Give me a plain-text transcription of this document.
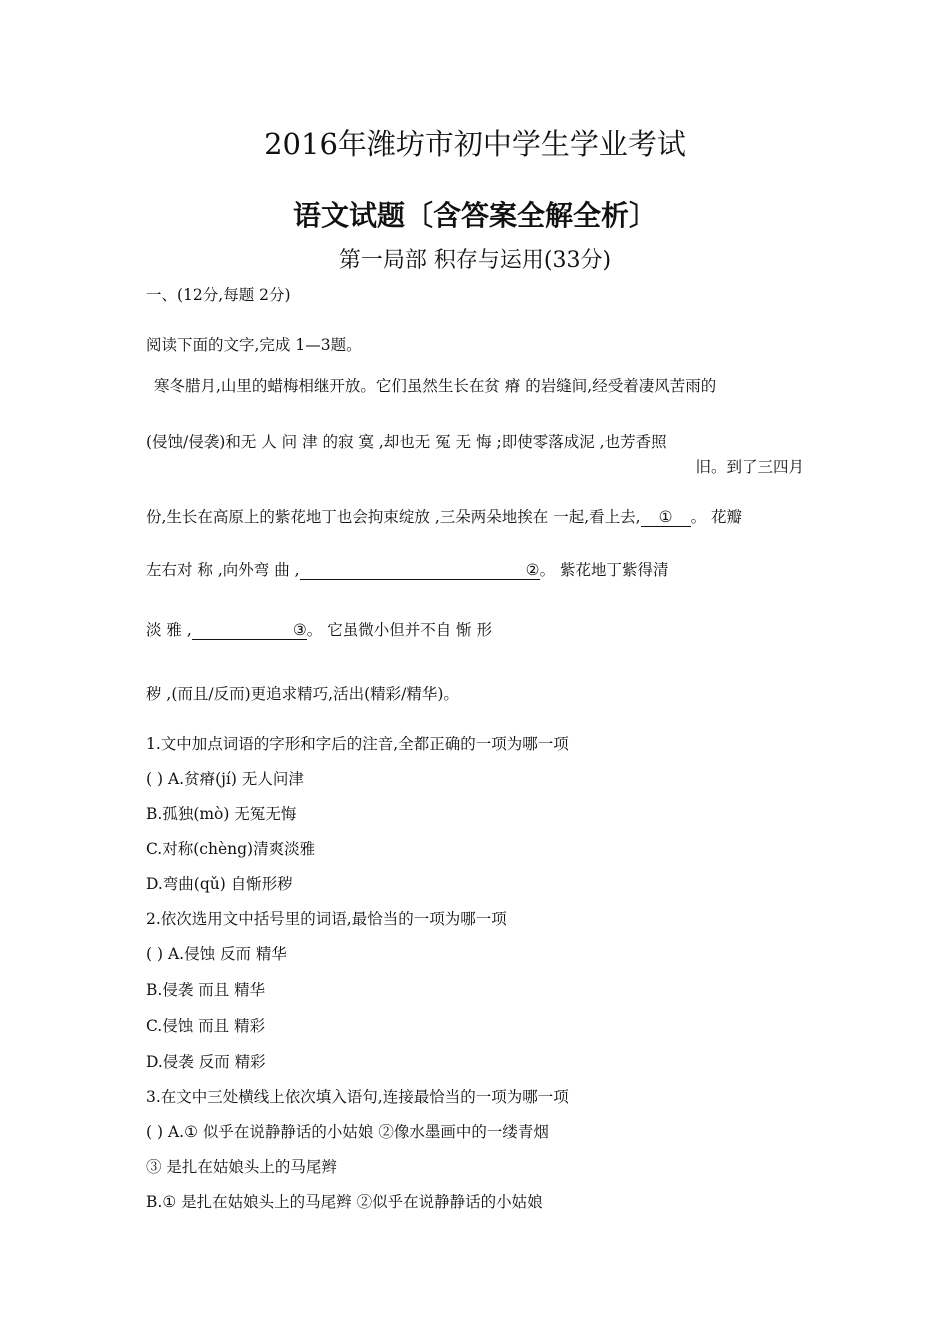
2016年潍坊市初中学生学业考试
语文试题〔含答案全解全析〕
第一局部 积存与运用(33分)
一、(12分,每题 2分)
阅读下面的文字,完成 1—3题。
寒冬腊月,山里的蜡梅相继开放。它们虽然生长在贫 瘠 的岩缝间,经受着凄风苦雨的
(侵蚀/侵袭)和无 人 问 津 的寂 寞 ,却也无 冤 无 悔 ;即使零落成泥 ,也芳香照
旧。到了三四月
份,生长在高原上的紫花地丁也会拘束绽放 ,三朵两朵地挨在 一起,看上去, ① 。 花瓣
左右对 称 ,向外弯 曲 ,	②。 紫花地丁紫得清
淡 雅 ,	③。 它虽微小但并不自 惭 形
秽 ,(而且/反而)更追求精巧,活出(精彩/精华)。
1.文中加点词语的字形和字后的注音,全都正确的一项为哪一项
( ) A.贫瘠(jí) 无人问津
B.孤独(mò) 无冤无悔
C.对称(chèng)清爽淡雅
D.弯曲(qǔ) 自惭形秽
2.依次选用文中括号里的词语,最恰当的一项为哪一项
( ) A.侵蚀 反而 精华
B.侵袭 而且 精华
C.侵蚀 而且 精彩
D.侵袭 反而 精彩
3.在文中三处横线上依次填入语句,连接最恰当的一项为哪一项
( ) A.① 似乎在说静静话的小姑娘 ②像水墨画中的一缕青烟
③ 是扎在姑娘头上的马尾辫
B.① 是扎在姑娘头上的马尾辫 ②似乎在说静静话的小姑娘
